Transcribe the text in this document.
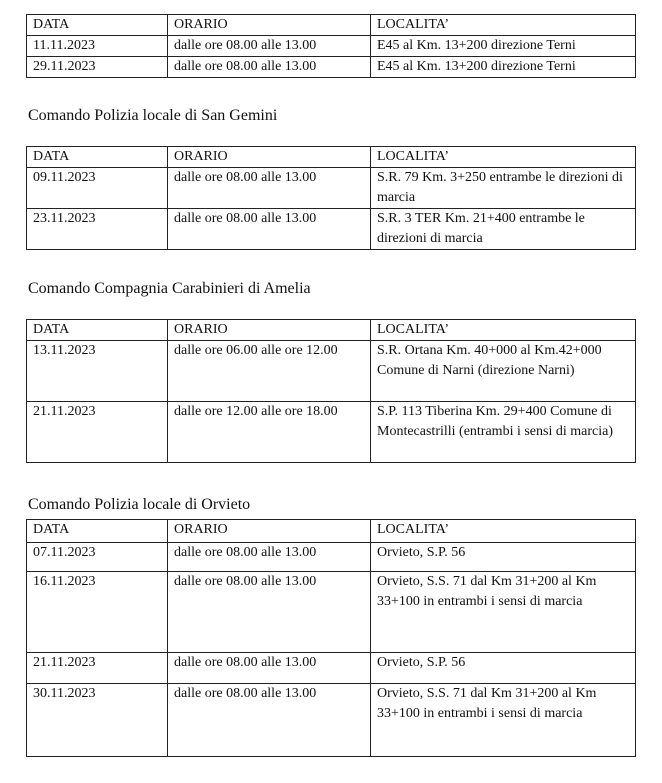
DATA	ORARIO	LOCALITA’
11.11.2023	dalle ore 08.00 alle 13.00	E45 al Km. 13+200 direzione Terni
29.11.2023	dalle ore 08.00 alle 13.00	E45 al Km. 13+200 direzione Terni

Comando Polizia locale di San Gemini

DATA	ORARIO	LOCALITA’
09.11.2023	dalle ore 08.00 alle 13.00	S.R. 79 Km. 3+250 entrambe le direzioni di marcia
23.11.2023	dalle ore 08.00 alle 13.00	S.R. 3 TER Km. 21+400 entrambe le direzioni di marcia

Comando Compagnia Carabinieri di Amelia

DATA	ORARIO	LOCALITA’
13.11.2023	dalle ore 06.00 alle ore 12.00	S.R. Ortana Km. 40+000 al Km.42+000 Comune di Narni (direzione Narni)
21.11.2023	dalle ore 12.00 alle ore 18.00	S.P. 113 Tiberina Km. 29+400 Comune di Montecastrilli (entrambi i sensi di marcia)

Comando Polizia locale di Orvieto

DATA	ORARIO	LOCALITA’
07.11.2023	dalle ore 08.00 alle 13.00	Orvieto, S.P. 56
16.11.2023	dalle ore 08.00 alle 13.00	Orvieto, S.S. 71 dal Km 31+200 al Km 33+100 in entrambi i sensi di marcia
21.11.2023	dalle ore 08.00 alle 13.00	Orvieto, S.P. 56
30.11.2023	dalle ore 08.00 alle 13.00	Orvieto, S.S. 71 dal Km 31+200 al Km 33+100 in entrambi i sensi di marcia
